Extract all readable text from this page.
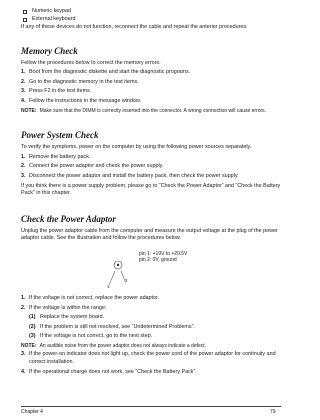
Numeric keypad
External keyboard

If any of these devices do not function, reconnect the cable and repeat the anterior procedures.

Memory Check

Follow the procedures below to correct the memory errors.

1. Boot from the diagnostic diskette and start the diagnostic programs.
2. Go to the diagnostic memory in the test items.
3. Press F2 in the test items.
4. Follow the instructions in the message window.
NOTE: Make sure that the DIMM is correctly inserted into the connector. A wrong connection will cause errors.
Power System Check

To verify the symptoms, power on the computer by using the following power sources separately.

1. Remove the battery pack.
2. Connect the power adaptor and check the power supply.
3. Disconnect the power adaptor and install the battery pack, then check the power supply.

If you think there is a power supply problem, please go to “Check the Power Adaptor” and “Check the Battery Pack” in this chapter.

Check the Power Adaptor

Unplug the power adaptor cable from the computer and measure the output voltage at the plug of the power adaptor cable. See the illustration and follow the procedures below.

pin 1: +19V to +20.5V
pin 2: 0V, ground
2
1
1. If the voltage is not correct, replace the power adaptor.
2. If the voltage is within the range:
(1) Replace the system board.
(2) If the problem is still not resolved, see “Undetermined Problems”.
(3) If the voltage is not correct, go to the next step.
NOTE: An audible noise from the power adaptor does not always indicate a defect.
3. If the power-on indicator does not light up, check the power cord of the power adaptor for continuity and correct installation.
4. If the operational charge does not work, see “Check the Battery Pack”.
Chapter 4	79
